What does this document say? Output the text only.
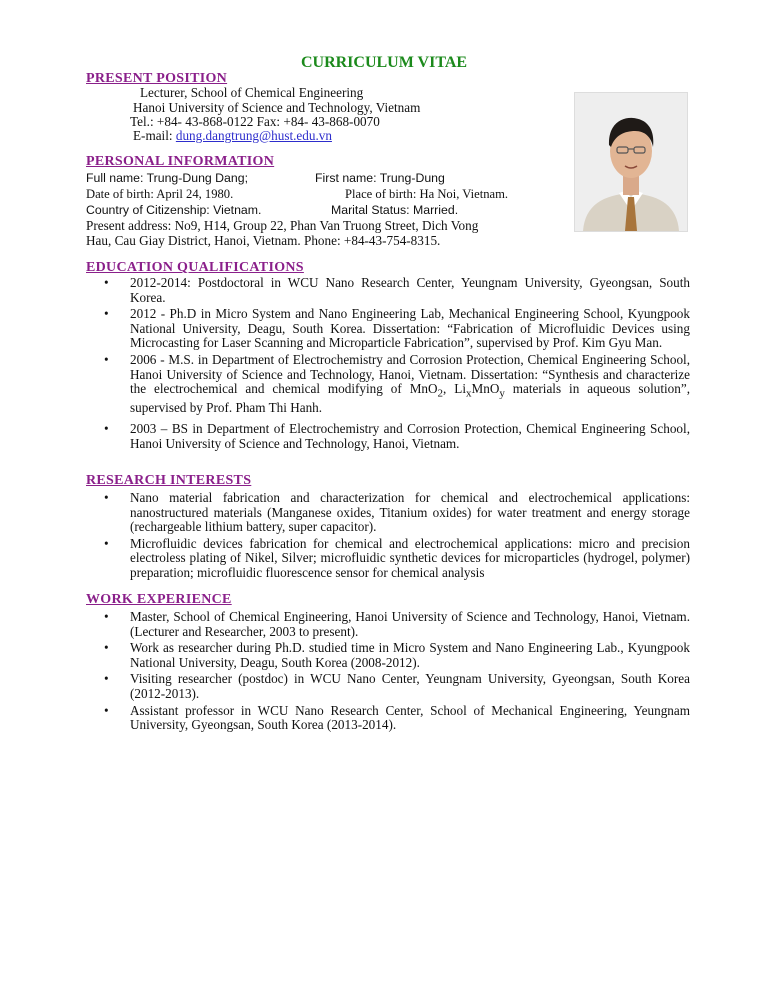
CURRICULUM VITAE
PRESENT POSITION
Lecturer, School of Chemical Engineering
Hanoi University of Science and Technology, Vietnam
Tel.: +84- 43-868-0122 Fax: +84- 43-868-0070
E-mail: dung.dangtrung@hust.edu.vn
PERSONAL INFORMATION
Full name: Trung-Dung Dang;	First name: Trung-Dung
Date of birth: April 24, 1980.	Place of birth: Ha Noi, Vietnam.
Country of Citizenship: Vietnam.	Marital Status: Married.
Present address: No9, H14, Group 22, Phan Van Truong Street, Dich Vong
Hau, Cau Giay District, Hanoi, Vietnam. Phone: +84-43-754-8315.
EDUCATION QUALIFICATIONS
• 2012-2014: Postdoctoral in WCU Nano Research Center, Yeungnam University, Gyeongsan, South Korea.
• 2012 - Ph.D in Micro System and Nano Engineering Lab, Mechanical Engineering School, Kyungpook National University, Deagu, South Korea. Dissertation: “Fabrication of Microfluidic Devices using Microcasting for Laser Scanning and Microparticle Fabrication”, supervised by Prof. Kim Gyu Man.
• 2006 - M.S. in Department of Electrochemistry and Corrosion Protection, Chemical Engineering School, Hanoi University of Science and Technology, Hanoi, Vietnam. Dissertation: “Synthesis and characterize the electrochemical and chemical modifying of MnO$_2$, $Li_xMnO_y$ materials in aqueous solution”, supervised by Prof. Pham Thi Hanh.
• 2003 – BS in Department of Electrochemistry and Corrosion Protection, Chemical Engineering School, Hanoi University of Science and Technology, Hanoi, Vietnam.
RESEARCH INTERESTS
• Nano material fabrication and characterization for chemical and electrochemical applications: nanostructured materials (Manganese oxides, Titanium oxides) for water treatment and energy storage (rechargeable lithium battery, super capacitor).
• Microfluidic devices fabrication for chemical and electrochemical applications: micro and precision electroless plating of Nikel, Silver; microfluidic synthetic devices for microparticles (hydrogel, polymer) preparation; microfluidic fluorescence sensor for chemical analysis
WORK EXPERIENCE
• Master, School of Chemical Engineering, Hanoi University of Science and Technology, Hanoi, Vietnam. (Lecturer and Researcher, 2003 to present).
• Work as researcher during Ph.D. studied time in Micro System and Nano Engineering Lab., Kyungpook National University, Deagu, South Korea (2008-2012).
• Visiting researcher (postdoc) in WCU Nano Center, Yeungnam University, Gyeongsan, South Korea (2012-2013).
• Assistant professor in WCU Nano Research Center, School of Mechanical Engineering, Yeungnam University, Gyeongsan, South Korea (2013-2014).
